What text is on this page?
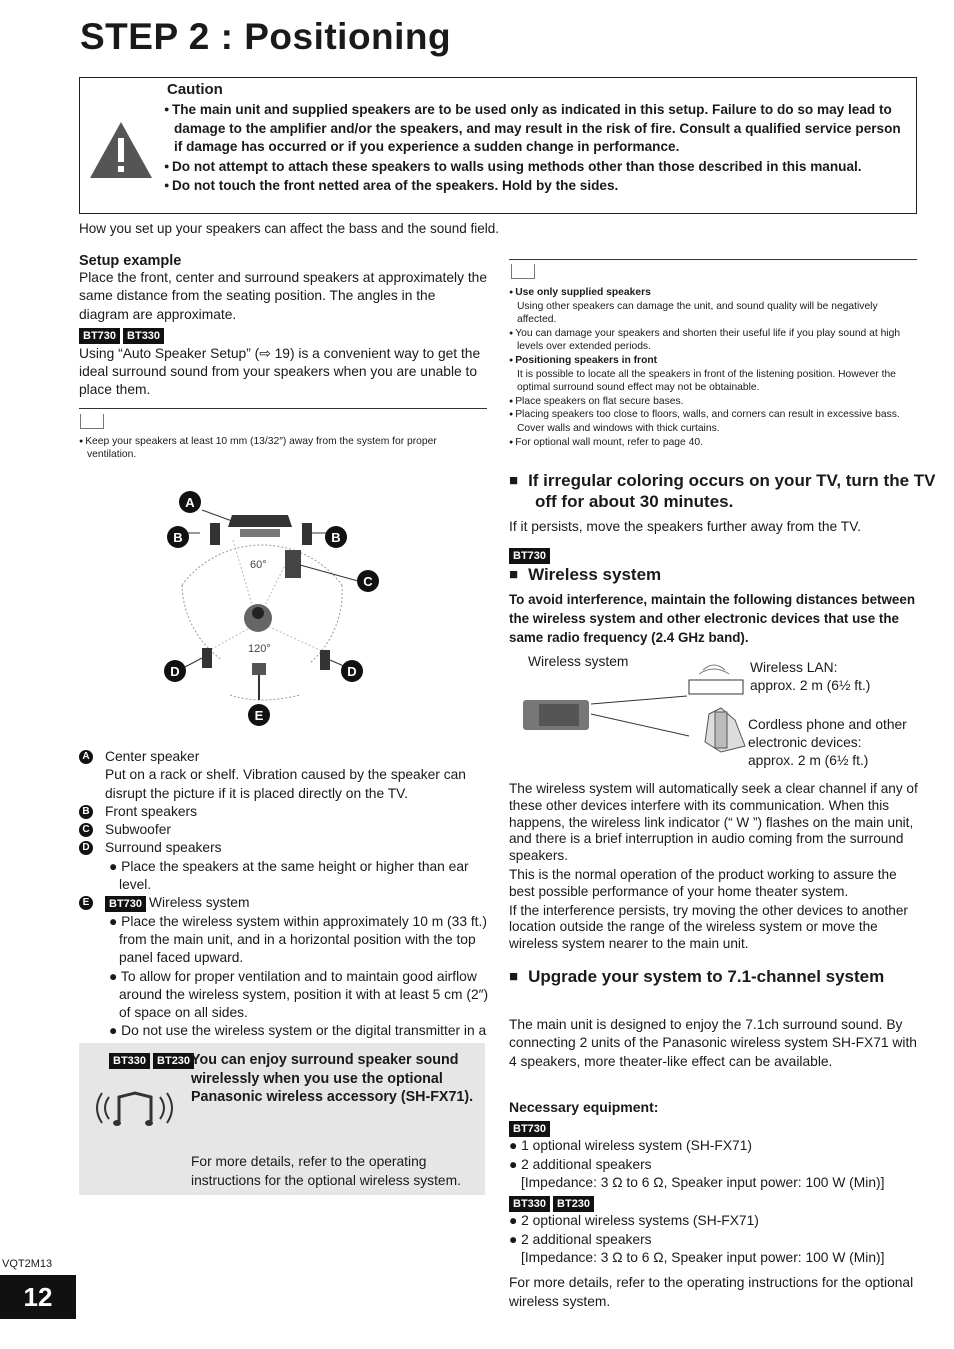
STEP 2 : Positioning
Caution
● The main unit and supplied speakers are to be used only as indicated in this setup. Failure to do so may lead to damage to the amplifier and/or the speakers, and may result in the risk of fire. Consult a qualified service person if damage has occurred or if you experience a sudden change in performance.
● Do not attempt to attach these speakers to walls using methods other than those described in this manual.
● Do not touch the front netted area of the speakers. Hold by the sides.
How you set up your speakers can affect the bass and the sound field.
Setup example
Place the front, center and surround speakers at approximately the same distance from the seating position. The angles in the diagram are approximate.
BT730 BT330
Using “Auto Speaker Setup” (⇨ 19) is a convenient way to get the ideal surround sound from your speakers when you are unable to place them.
● Keep your speakers at least 10 mm (13/32″) away from the system for proper ventilation.
A
B	B
C
D	D
E
60°
120°
A Center speaker
Put on a rack or shelf. Vibration caused by the speaker can disrupt the picture if it is placed directly on the TV.
B Front speakers
C Subwoofer
D Surround speakers
● Place the speakers at the same height or higher than ear level.
E	BT730 Wireless system
● Place the wireless system within approximately 10 m (33 ft.) from the main unit, and in a horizontal position with the top panel faced upward.
● To allow for proper ventilation and to maintain good airflow around the wireless system, position it with at least 5 cm (2″) of space on all sides.
● Do not use the wireless system or the digital transmitter in a
BT330 BT230 You can enjoy surround speaker sound wirelessly when you use the optional Panasonic wireless accessory (SH-FX71).
For more details, refer to the operating instructions for the optional wireless system.
● Use only supplied speakers
Using other speakers can damage the unit, and sound quality will be negatively affected.
● You can damage your speakers and shorten their useful life if you play sound at high levels over extended periods.
● Positioning speakers in front
It is possible to locate all the speakers in front of the listening position. However the optimal surround sound effect may not be obtainable.
● Place speakers on flat secure bases.
● Placing speakers too close to floors, walls, and corners can result in excessive bass. Cover walls and windows with thick curtains.
● For optional wall mount, refer to page 40.
■ If irregular coloring occurs on your TV, turn the TV off for about 30 minutes.
If it persists, move the speakers further away from the TV.
BT730
■ Wireless system
To avoid interference, maintain the following distances between the wireless system and other electronic devices that use the same radio frequency (2.4 GHz band).
Wireless system	Wireless LAN:
approx. 2 m (6½ ft.)
Cordless phone and other electronic devices:
approx. 2 m (6½ ft.)
The wireless system will automatically seek a clear channel if any of these other devices interfere with its communication. When this happens, the wireless link indicator (“ W ”) flashes on the main unit, and there is a brief interruption in audio coming from the surround speakers.
This is the normal operation of the product working to assure the best possible performance of your home theater system.
If the interference persists, try moving the other devices to another location outside the range of the wireless system or move the wireless system nearer to the main unit.
■ Upgrade your system to 7.1-channel system
The main unit is designed to enjoy the 7.1ch surround sound. By connecting 2 units of the Panasonic wireless system SH-FX71 with 4 speakers, more theater-like effect can be available.
Necessary equipment:
BT730
● 1 optional wireless system (SH-FX71)
● 2 additional speakers
[Impedance: 3 Ω to 6 Ω, Speaker input power: 100 W (Min)]
BT330 BT230
● 2 optional wireless systems (SH-FX71)
● 2 additional speakers
[Impedance: 3 Ω to 6 Ω, Speaker input power: 100 W (Min)]
For more details, refer to the operating instructions for the optional wireless system.
VQT2M13
12
